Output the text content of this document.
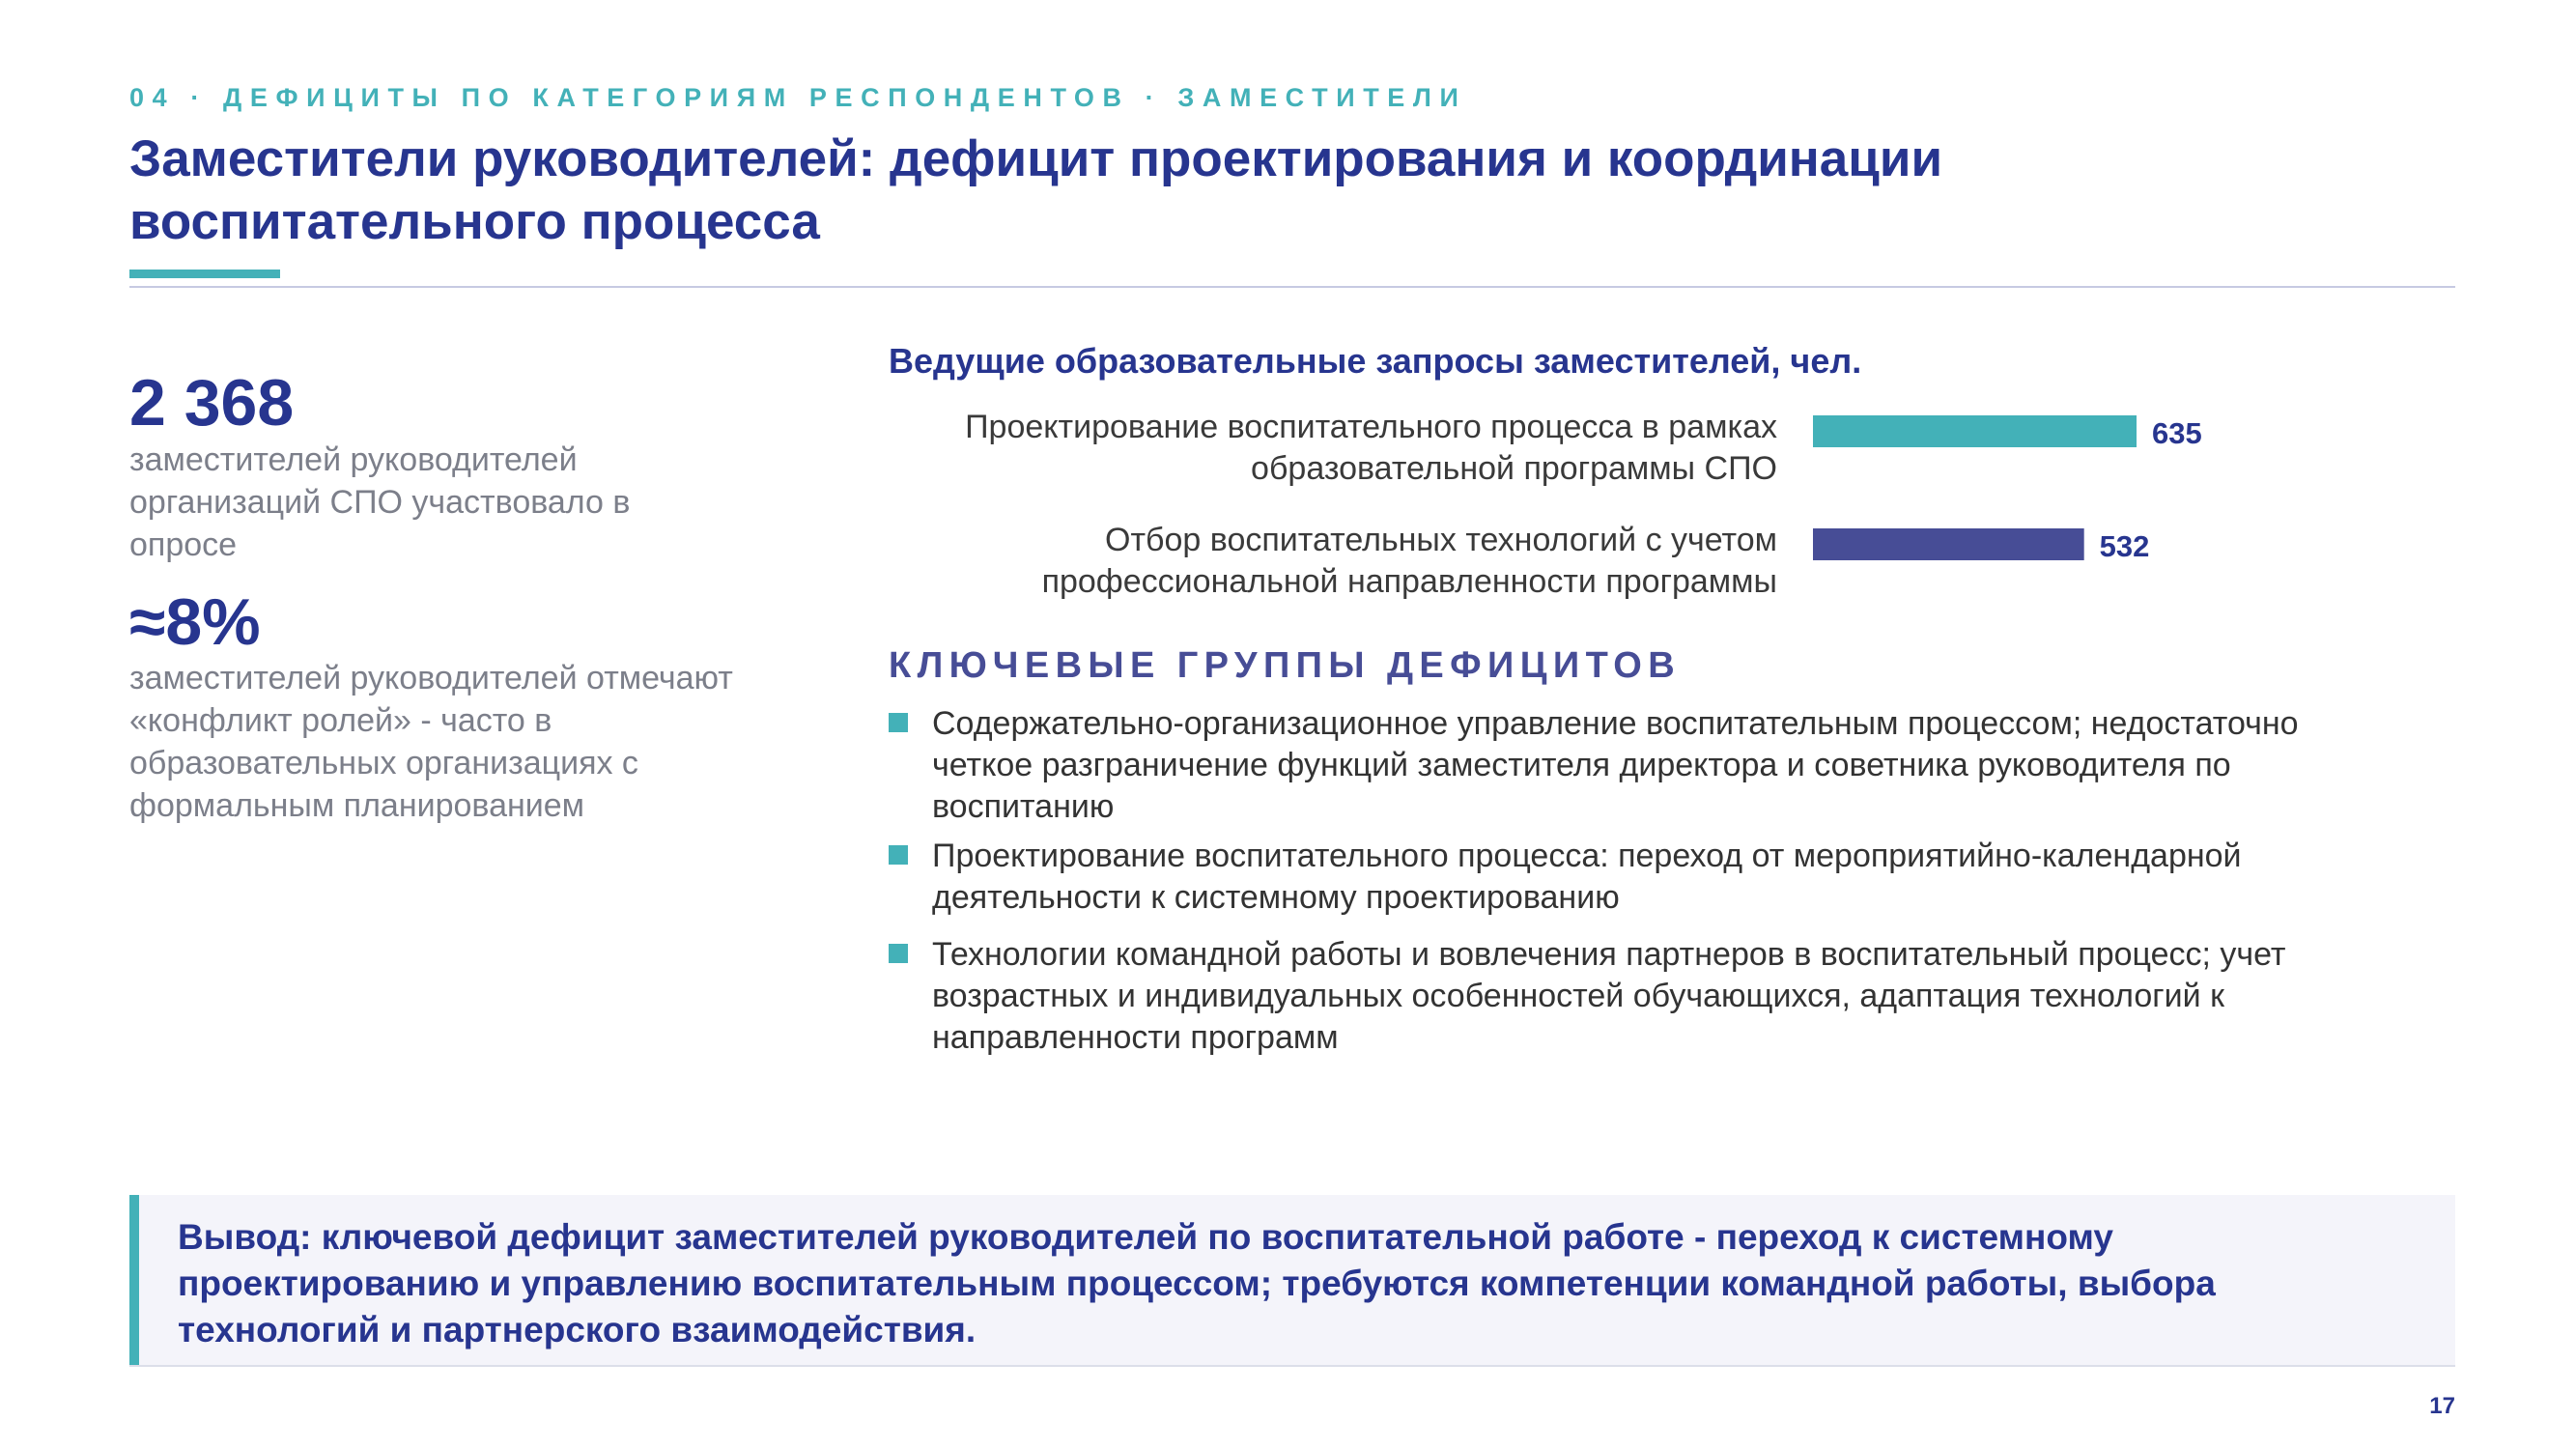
04 · ДЕФИЦИТЫ ПО КАТЕГОРИЯМ РЕСПОНДЕНТОВ · ЗАМЕСТИТЕЛИ
Заместители руководителей: дефицит проектирования и координации воспитательного процесса
2 368
заместителей руководителей организаций СПО участвовало в опросе
≈8%
заместителей руководителей отмечают «конфликт ролей» - часто в образовательных организациях с формальным планированием
Ведущие образовательные запросы заместителей, чел.
Проектирование воспитательного процесса в рамках образовательной программы СПО
Отбор воспитательных технологий с учетом профессиональной направленности программы
635
532
КЛЮЧЕВЫЕ ГРУППЫ ДЕФИЦИТОВ
Содержательно-организационное управление воспитательным процессом; недостаточно четкое разграничение функций заместителя директора и советника руководителя по воспитанию
Проектирование воспитательного процесса: переход от мероприятийно-календарной деятельности к системному проектированию
Технологии командной работы и вовлечения партнеров в воспитательный процесс; учет возрастных и индивидуальных особенностей обучающихся, адаптация технологий к направленности программ
Вывод: ключевой дефицит заместителей руководителей по воспитательной работе - переход к системному проектированию и управлению воспитательным процессом; требуются компетенции командной работы, выбора технологий и партнерского взаимодействия.
17
